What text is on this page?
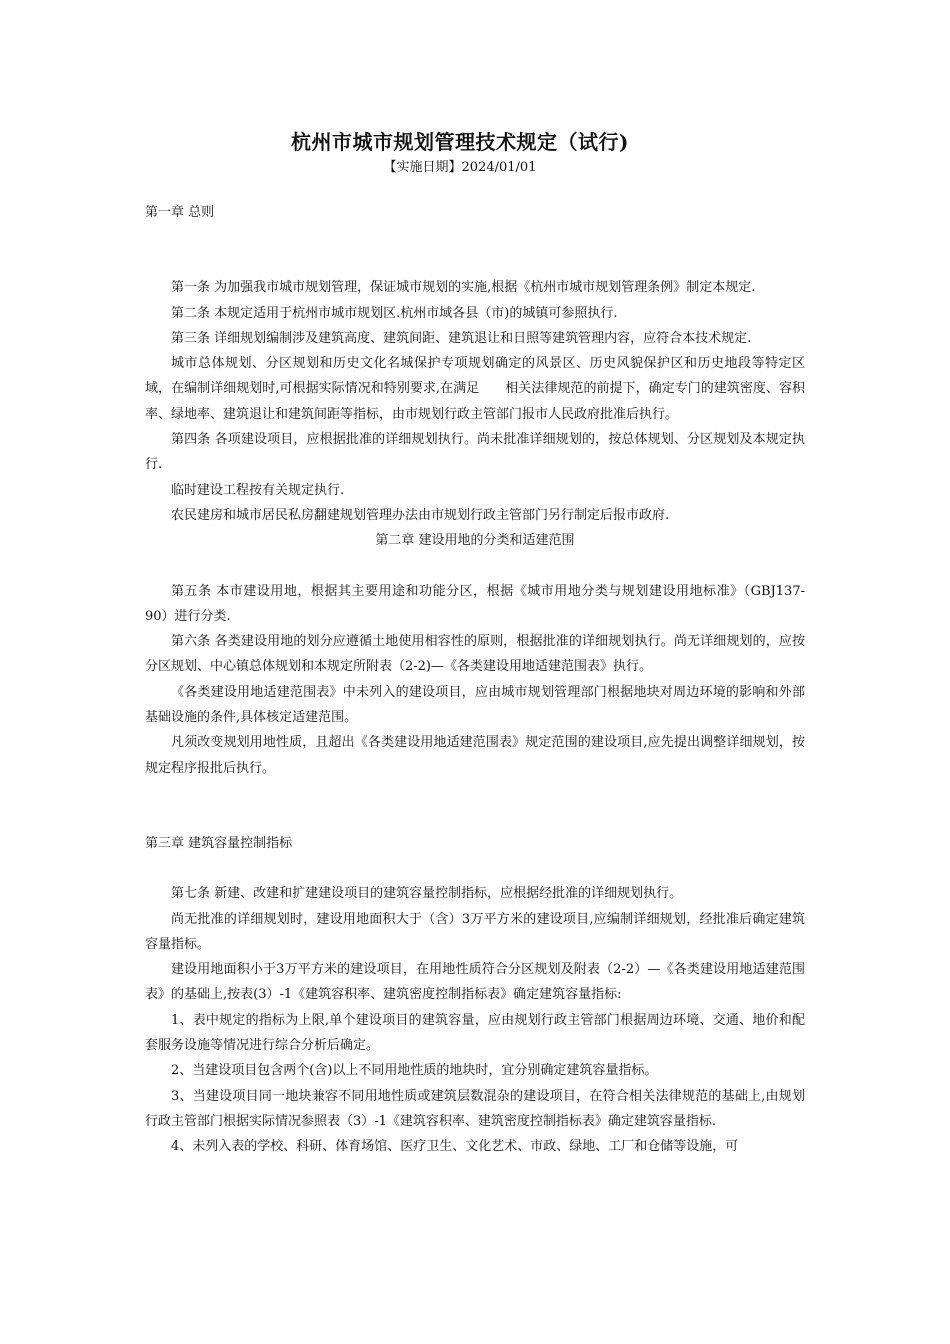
杭州市城市规划管理技术规定（试行)
【实施日期】2024/01/01

第一章 总则

第一条 为加强我市城市规划管理，保证城市规划的实施,根据《杭州市城市规划管理条例》制定本规定.

第二条 本规定适用于杭州市城市规划区.杭州市域各县（市)的城镇可参照执行.

第三条 详细规划编制涉及建筑高度、建筑间距、建筑退让和日照等建筑管理内容，应符合本技术规定.

城市总体规划、分区规划和历史文化名城保护专项规划确定的风景区、历史风貌保护区和历史地段等特定区域，在编制详细规划时,可根据实际情况和特别要求,在满足　　相关法律规范的前提下，确定专门的建筑密度、容积率、绿地率、建筑退让和建筑间距等指标，由市规划行政主管部门报市人民政府批准后执行。

第四条 各项建设项目，应根据批准的详细规划执行。尚未批准详细规划的，按总体规划、分区规划及本规定执行.

临时建设工程按有关规定执行.

农民建房和城市居民私房翻建规划管理办法由市规划行政主管部门另行制定后报市政府.

第二章 建设用地的分类和适建范围

第五条 本市建设用地，根据其主要用途和功能分区，根据《城市用地分类与规划建设用地标准》（GBJ137-90）进行分类.

第六条 各类建设用地的划分应遵循土地使用相容性的原则，根据批准的详细规划执行。尚无详细规划的，应按分区规划、中心镇总体规划和本规定所附表（2-2)—《各类建设用地适建范围表》执行。

《各类建设用地适建范围表》中未列入的建设项目，应由城市规划管理部门根据地块对周边环境的影响和外部基础设施的条件,具体核定适建范围。

凡须改变规划用地性质，且超出《各类建设用地适建范围表》规定范围的建设项目,应先提出调整详细规划，按规定程序报批后执行。

第三章 建筑容量控制指标

第七条 新建、改建和扩建建设项目的建筑容量控制指标，应根据经批准的详细规划执行。

尚无批准的详细规划时，建设用地面积大于（含）3万平方米的建设项目,应编制详细规划，经批准后确定建筑容量指标。

建设用地面积小于3万平方米的建设项目，在用地性质符合分区规划及附表（2-2）—《各类建设用地适建范围表》的基础上,按表(3）-1《建筑容积率、建筑密度控制指标表》确定建筑容量指标:

1、表中规定的指标为上限,单个建设项目的建筑容量，应由规划行政主管部门根据周边环境、交通、地价和配套服务设施等情况进行综合分析后确定。

2、当建设项目包含两个(含)以上不同用地性质的地块时，宜分别确定建筑容量指标。

3、当建设项目同一地块兼容不同用地性质或建筑层数混杂的建设项目，在符合相关法律规范的基础上,由规划行政主管部门根据实际情况参照表（3）-1《建筑容积率、建筑密度控制指标表》确定建筑容量指标.

4、未列入表的学校、科研、体育场馆、医疗卫生、文化艺术、市政、绿地、工厂和仓储等设施，可
